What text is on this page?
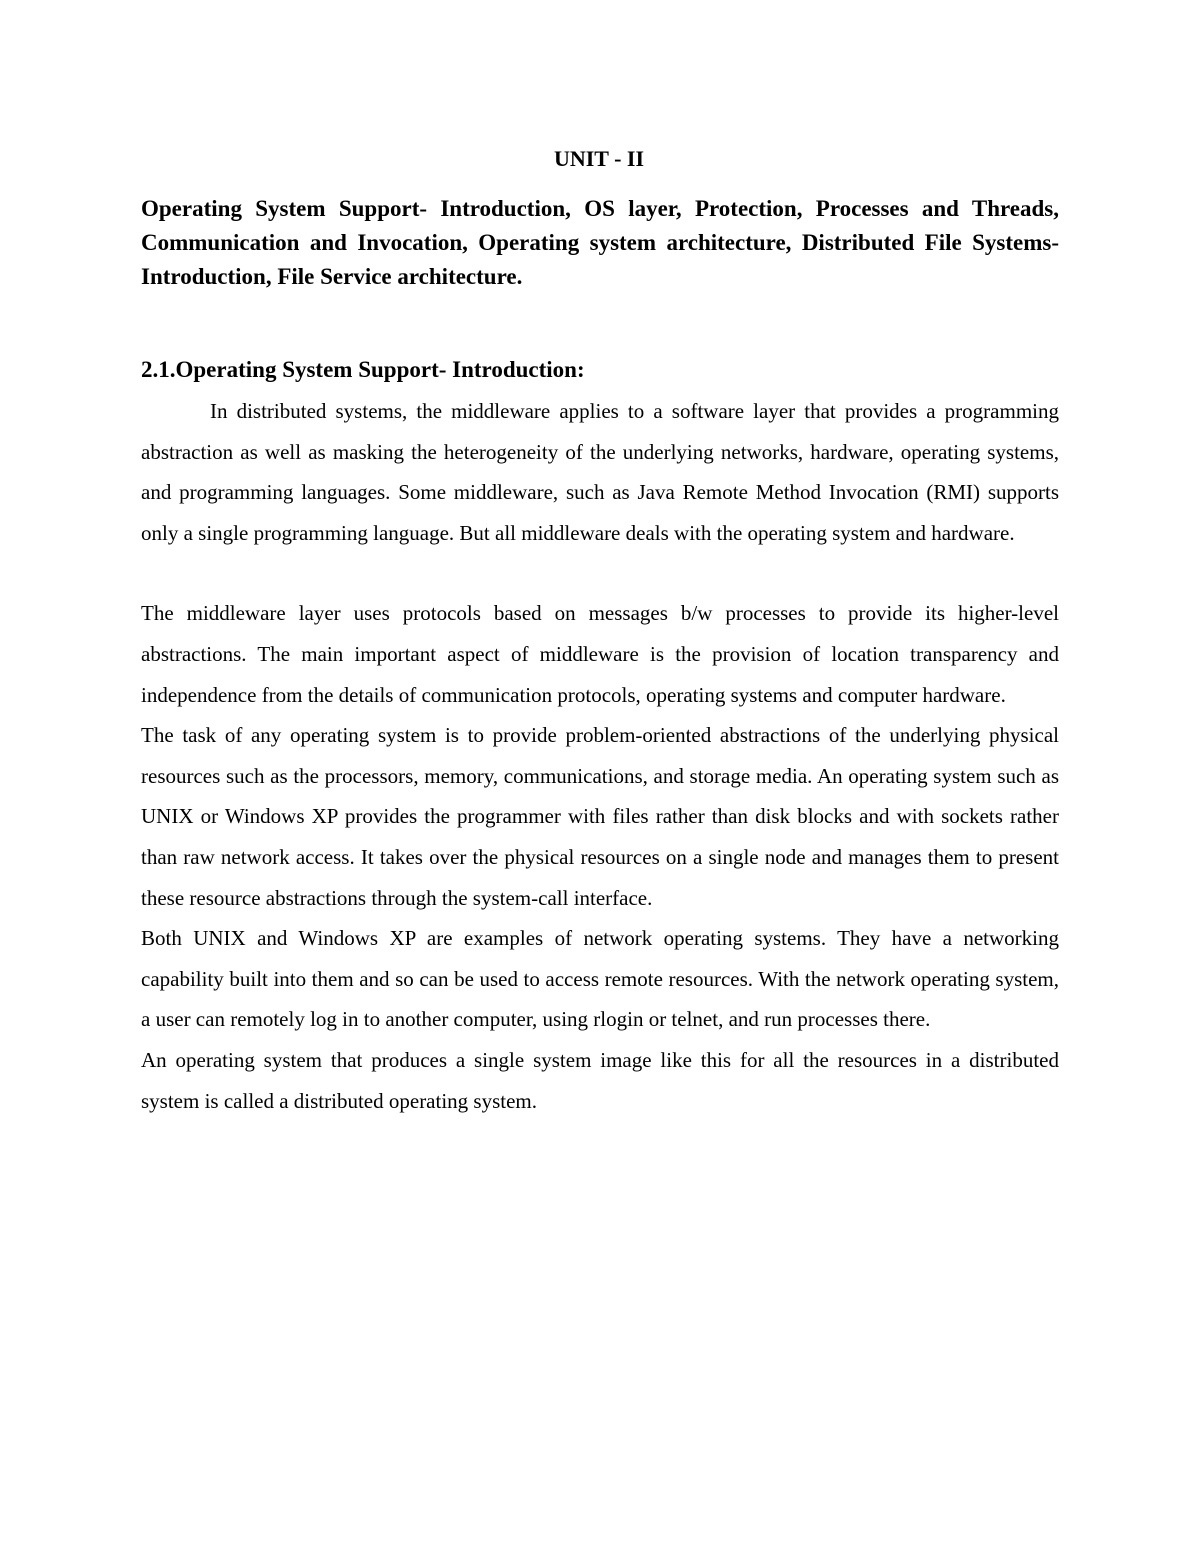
UNIT - II

Operating System Support- Introduction, OS layer, Protection, Processes and Threads, Communication and Invocation, Operating system architecture, Distributed File Systems-Introduction, File Service architecture.

2.1.Operating System Support- Introduction:

In distributed systems, the middleware applies to a software layer that provides a programming abstraction as well as masking the heterogeneity of the underlying networks, hardware, operating systems, and programming languages. Some middleware, such as Java Remote Method Invocation (RMI) supports only a single programming language. But all middleware deals with the operating system and hardware.

The middleware layer uses protocols based on messages b/w processes to provide its higher-level abstractions. The main important aspect of middleware is the provision of location transparency and independence from the details of communication protocols, operating systems and computer hardware.

The task of any operating system is to provide problem-oriented abstractions of the underlying physical resources such as the processors, memory, communications, and storage media. An operating system such as UNIX or Windows XP provides the programmer with files rather than disk blocks and with sockets rather than raw network access. It takes over the physical resources on a single node and manages them to present these resource abstractions through the system-call interface.

Both UNIX and Windows XP are examples of network operating systems. They have a networking capability built into them and so can be used to access remote resources. With the network operating system, a user can remotely log in to another computer, using rlogin or telnet, and run processes there.

An operating system that produces a single system image like this for all the resources in a distributed system is called a distributed operating system.
